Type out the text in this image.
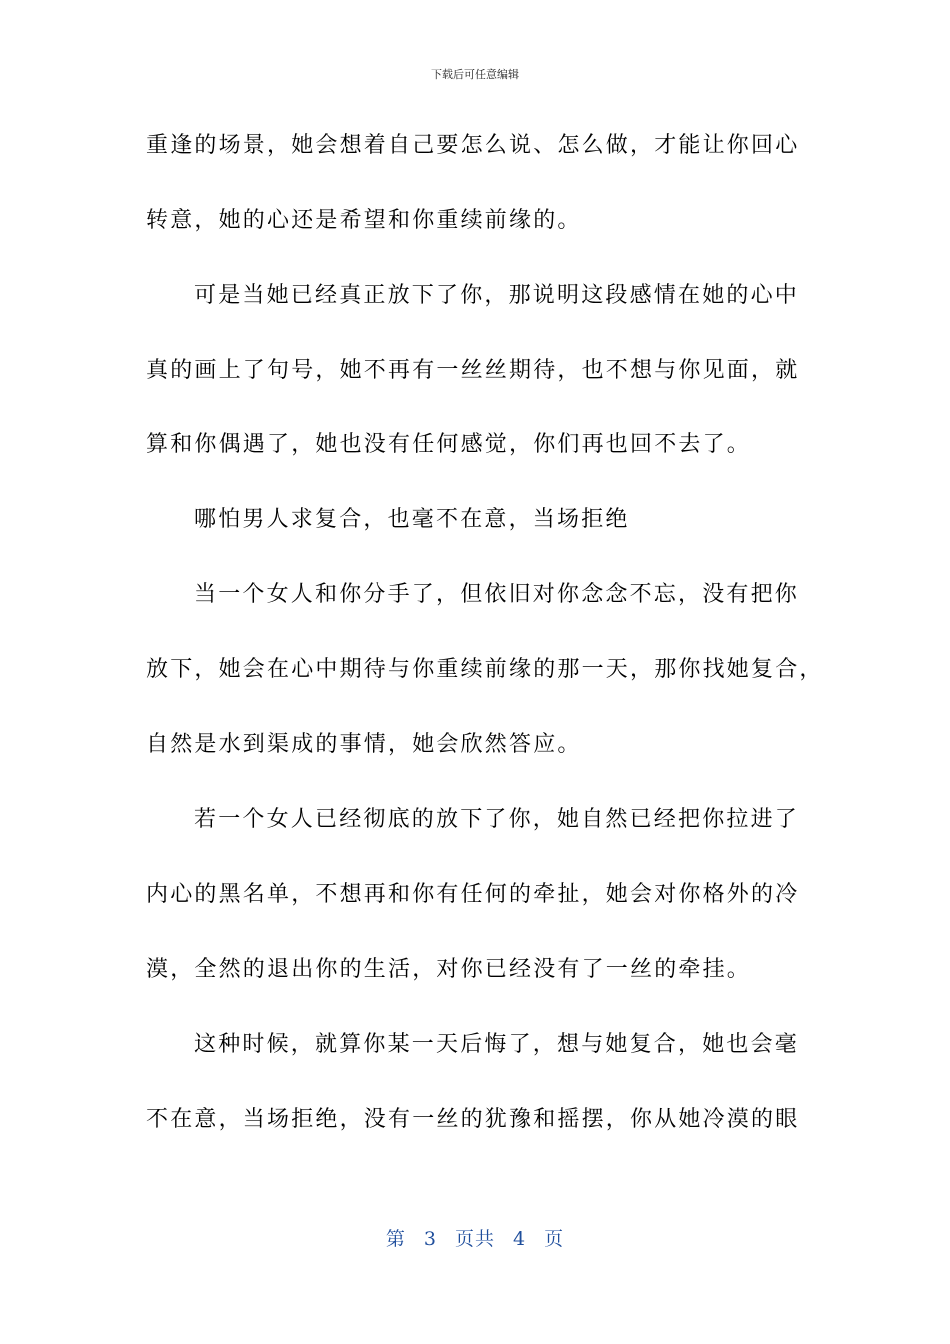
下载后可任意编辑
重逢的场景，她会想着自己要怎么说、怎么做，才能让你回心
转意，她的心还是希望和你重续前缘的。
可是当她已经真正放下了你，那说明这段感情在她的心中
真的画上了句号，她不再有一丝丝期待，也不想与你见面，就
算和你偶遇了，她也没有任何感觉，你们再也回不去了。
哪怕男人求复合，也毫不在意，当场拒绝
当一个女人和你分手了，但依旧对你念念不忘，没有把你
放下，她会在心中期待与你重续前缘的那一天，那你找她复合，
自然是水到渠成的事情，她会欣然答应。
若一个女人已经彻底的放下了你，她自然已经把你拉进了
内心的黑名单，不想再和你有任何的牵扯，她会对你格外的冷
漠，全然的退出你的生活，对你已经没有了一丝的牵挂。
这种时候，就算你某一天后悔了，想与她复合，她也会毫
不在意，当场拒绝，没有一丝的犹豫和摇摆，你从她冷漠的眼
第 3 页共 4 页
